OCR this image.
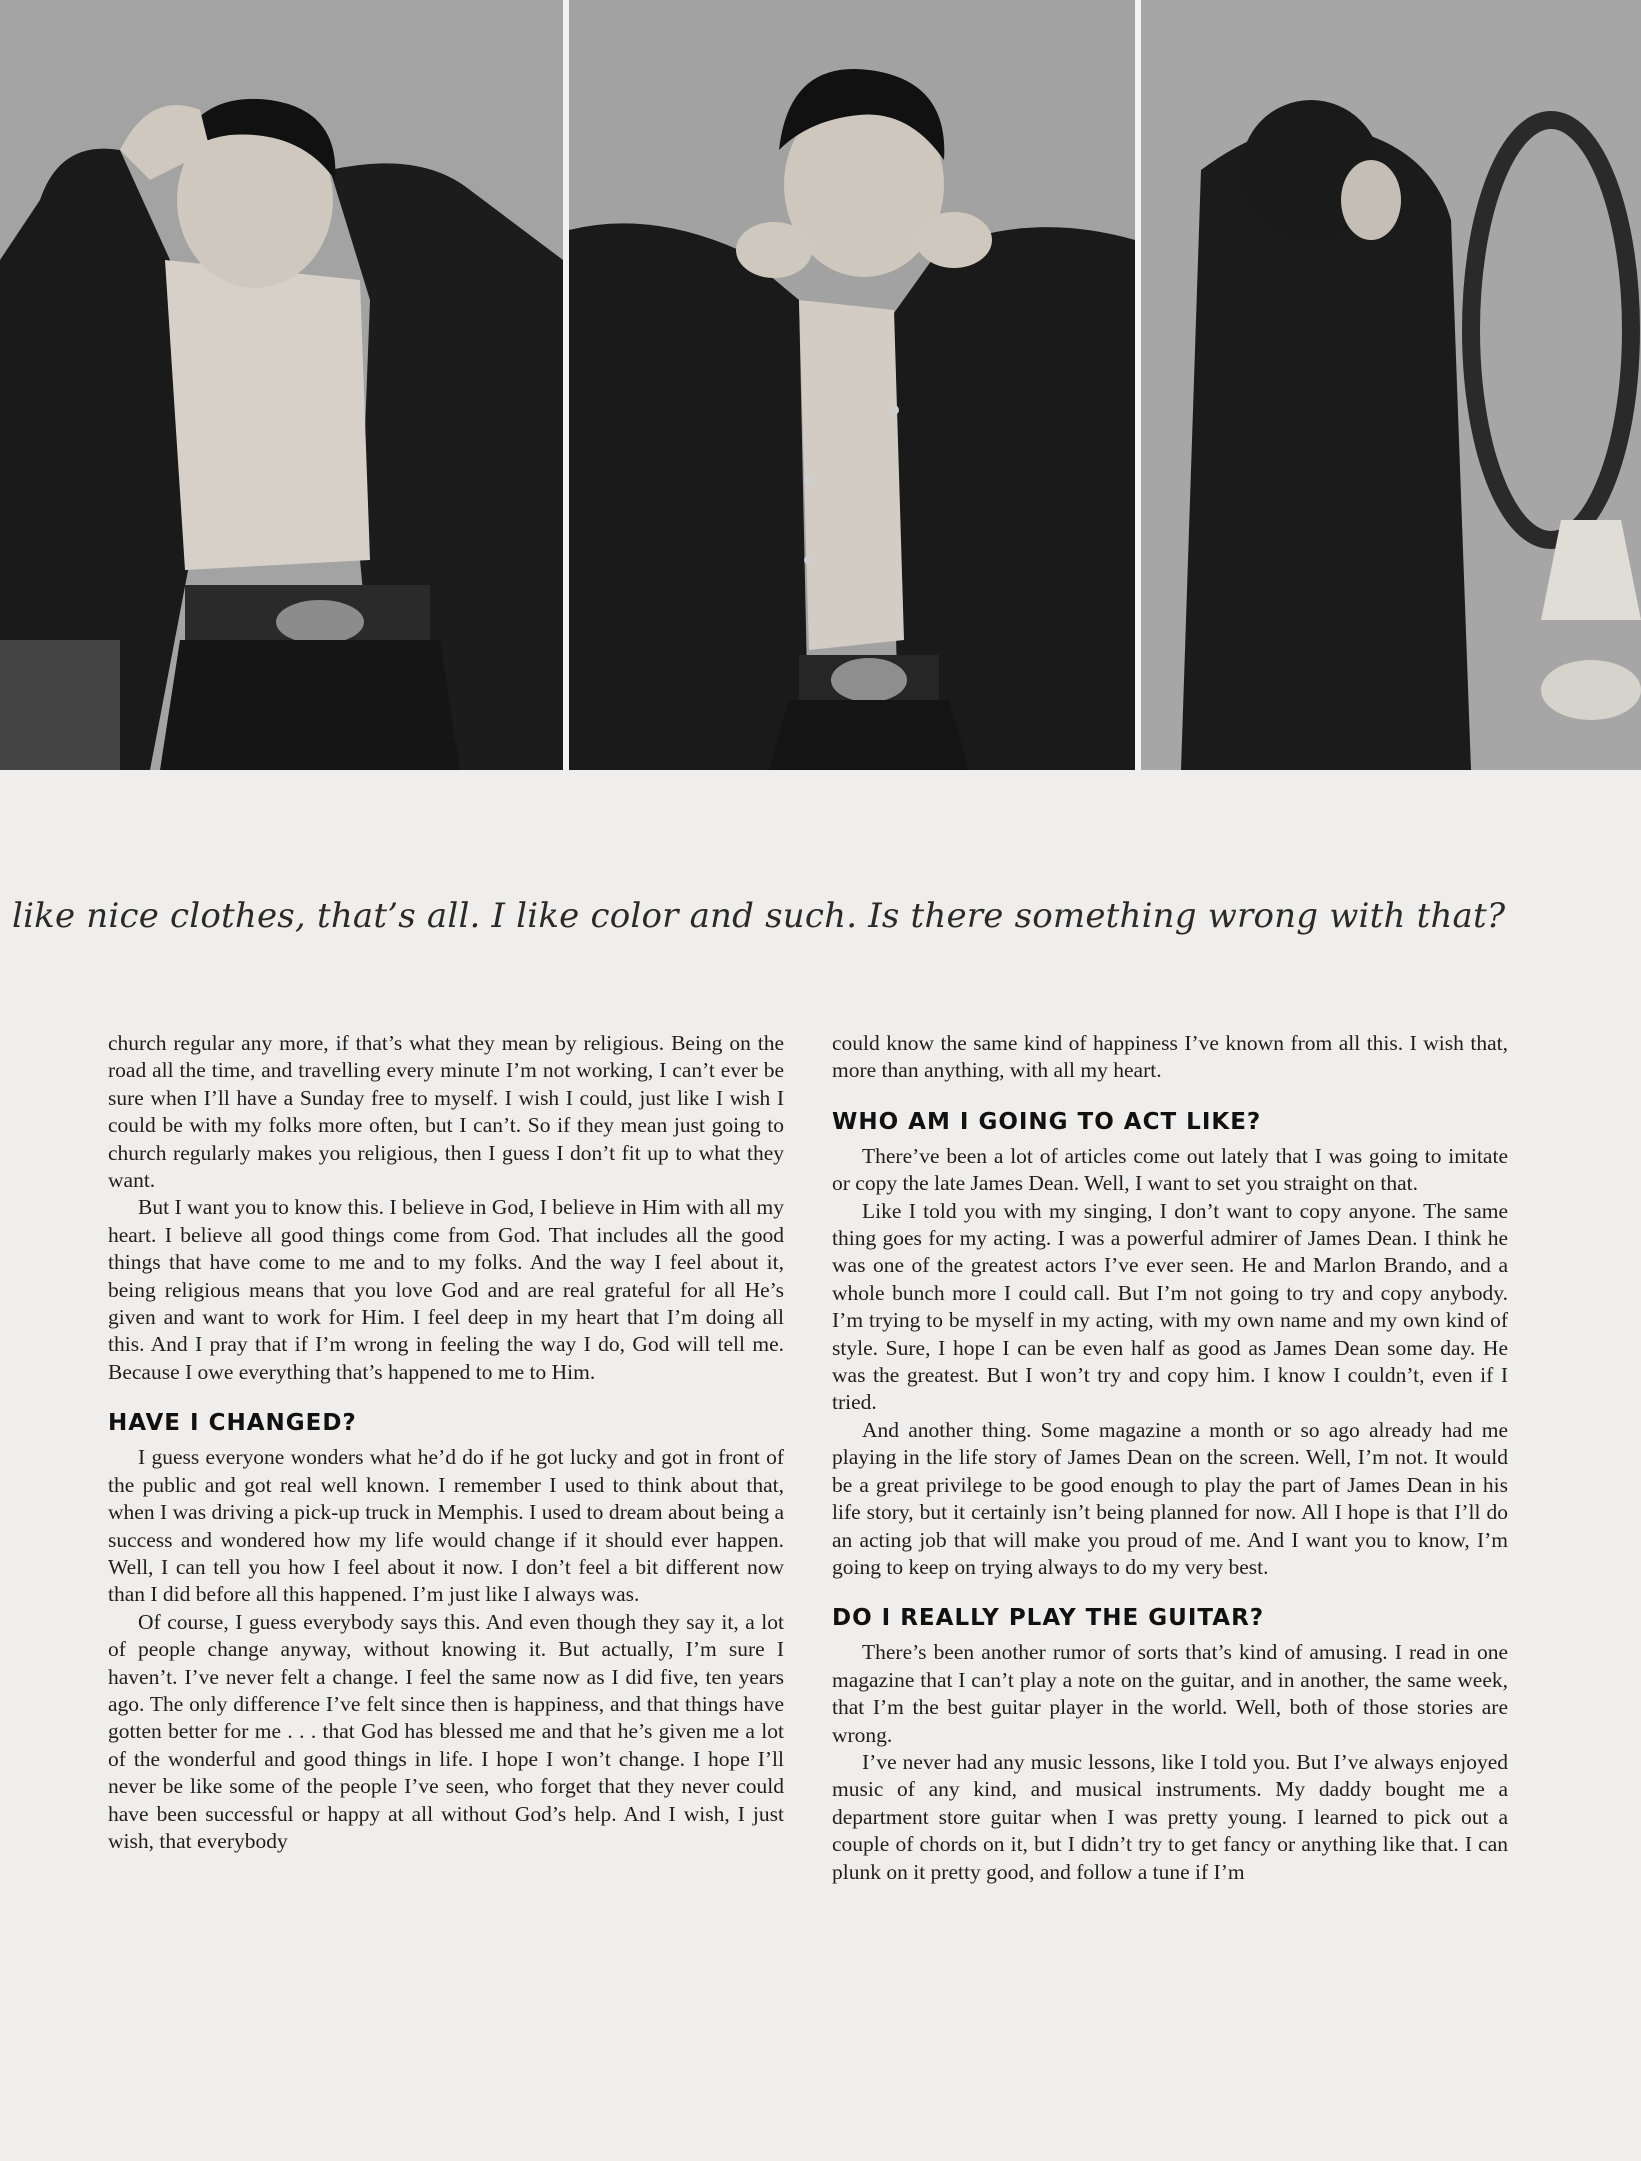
like nice clothes, that’s all. I like color and such. Is there something wrong with that?

church regular any more, if that’s what they mean by religious. Being on the road all the time, and travelling every minute I’m not working, I can’t ever be sure when I’ll have a Sunday free to myself. I wish I could, just like I wish I could be with my folks more often, but I can’t. So if they mean just going to church regularly makes you religious, then I guess I don’t fit up to what they want.

But I want you to know this. I believe in God, I believe in Him with all my heart. I believe all good things come from God. That includes all the good things that have come to me and to my folks. And the way I feel about it, being religious means that you love God and are real grateful for all He’s given and want to work for Him. I feel deep in my heart that I’m doing all this. And I pray that if I’m wrong in feeling the way I do, God will tell me. Because I owe everything that’s happened to me to Him.

HAVE I CHANGED?

I guess everyone wonders what he’d do if he got lucky and got in front of the public and got real well known. I remember I used to think about that, when I was driving a pick-up truck in Memphis. I used to dream about being a success and wondered how my life would change if it should ever happen. Well, I can tell you how I feel about it now. I don’t feel a bit different now than I did before all this happened. I’m just like I always was.

Of course, I guess everybody says this. And even though they say it, a lot of people change anyway, without knowing it. But actually, I’m sure I haven’t. I’ve never felt a change. I feel the same now as I did five, ten years ago. The only difference I’ve felt since then is happiness, and that things have gotten better for me . . . that God has blessed me and that he’s given me a lot of the wonderful and good things in life. I hope I won’t change. I hope I’ll never be like some of the people I’ve seen, who forget that they never could have been successful or happy at all without God’s help. And I wish, I just wish, that everybody

could know the same kind of happiness I’ve known from all this. I wish that, more than anything, with all my heart.

WHO AM I GOING TO ACT LIKE?

There’ve been a lot of articles come out lately that I was going to imitate or copy the late James Dean. Well, I want to set you straight on that.

Like I told you with my singing, I don’t want to copy anyone. The same thing goes for my acting. I was a powerful admirer of James Dean. I think he was one of the greatest actors I’ve ever seen. He and Marlon Brando, and a whole bunch more I could call. But I’m not going to try and copy anybody. I’m trying to be myself in my acting, with my own name and my own kind of style. Sure, I hope I can be even half as good as James Dean some day. He was the greatest. But I won’t try and copy him. I know I couldn’t, even if I tried.

And another thing. Some magazine a month or so ago already had me playing in the life story of James Dean on the screen. Well, I’m not. It would be a great privilege to be good enough to play the part of James Dean in his life story, but it certainly isn’t being planned for now. All I hope is that I’ll do an acting job that will make you proud of me. And I want you to know, I’m going to keep on trying always to do my very best.

DO I REALLY PLAY THE GUITAR?

There’s been another rumor of sorts that’s kind of amusing. I read in one magazine that I can’t play a note on the guitar, and in another, the same week, that I’m the best guitar player in the world. Well, both of those stories are wrong.

I’ve never had any music lessons, like I told you. But I’ve always enjoyed music of any kind, and musical instruments. My daddy bought me a department store guitar when I was pretty young. I learned to pick out a couple of chords on it, but I didn’t try to get fancy or anything like that. I can plunk on it pretty good, and follow a tune if I’m
